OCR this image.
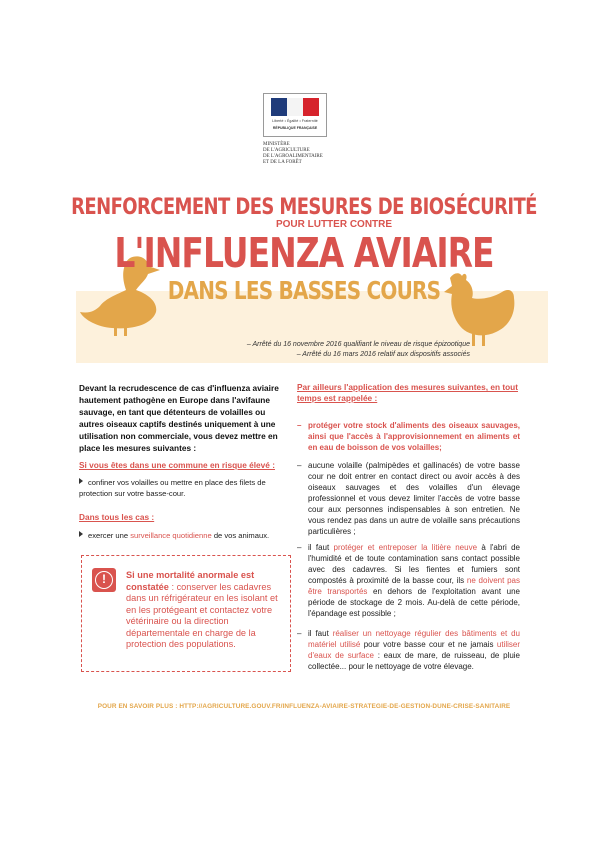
Liberté • Égalité • Fraternité
RÉPUBLIQUE FRANÇAISE
MINISTÈRE
DE L'AGRICULTURE
DE L'AGROALIMENTAIRE
ET DE LA FORÊT
RENFORCEMENT DES MESURES DE BIOSÉCURITÉ
POUR LUTTER CONTRE
L'INFLUENZA AVIAIRE
DANS LES BASSES COURS
– Arrêté du 16 novembre 2016 qualifiant le niveau de risque épizootique
– Arrêté du 16 mars 2016 relatif aux dispositifs associés
Devant la recrudescence de cas d'influenza aviaire hautement pathogène en Europe dans l'avifaune sauvage, en tant que détenteurs de volailles ou autres oiseaux captifs destinés uniquement à une utilisation non commerciale, vous devez mettre en place les mesures suivantes :
Si vous êtes dans une commune en risque élevé :
confiner vos volailles ou mettre en place des filets de protection sur votre basse-cour.
Dans tous les cas :
exercer une surveillance quotidienne de vos animaux.
!	Si une mortalité anormale est constatée : conserver les cadavres dans un réfrigérateur en les isolant et en les protégeant et contactez votre vétérinaire ou la direction départementale en charge de la protection des populations.
Par ailleurs l'application des mesures suivantes, en tout temps est rappelée :
– protéger votre stock d'aliments des oiseaux sauvages, ainsi que l'accès à l'approvisionnement en aliments et en eau de boisson de vos volailles;
– aucune volaille (palmipèdes et gallinacés) de votre basse cour ne doit entrer en contact direct ou avoir accès à des oiseaux sauvages et des volailles d'un élevage professionnel et vous devez limiter l'accès de votre basse cour aux personnes indispensables à son entretien. Ne vous rendez pas dans un autre de volaille sans précautions particulières ;
– il faut protéger et entreposer la litière neuve à l'abri de l'humidité et de toute contamination sans contact possible avec des cadavres. Si les fientes et fumiers sont compostés à proximité de la basse cour, ils ne doivent pas être transportés en dehors de l'exploitation avant une période de stockage de 2 mois. Au-delà de cette période, l'épandage est possible ;
– il faut réaliser un nettoyage régulier des bâtiments et du matériel utilisé pour votre basse cour et ne jamais utiliser d'eaux de surface : eaux de mare, de ruisseau, de pluie collectée... pour le nettoyage de votre élevage.
POUR EN SAVOIR PLUS : HTTP://AGRICULTURE.GOUV.FR/INFLUENZA-AVIAIRE-STRATEGIE-DE-GESTION-DUNE-CRISE-SANITAIRE
